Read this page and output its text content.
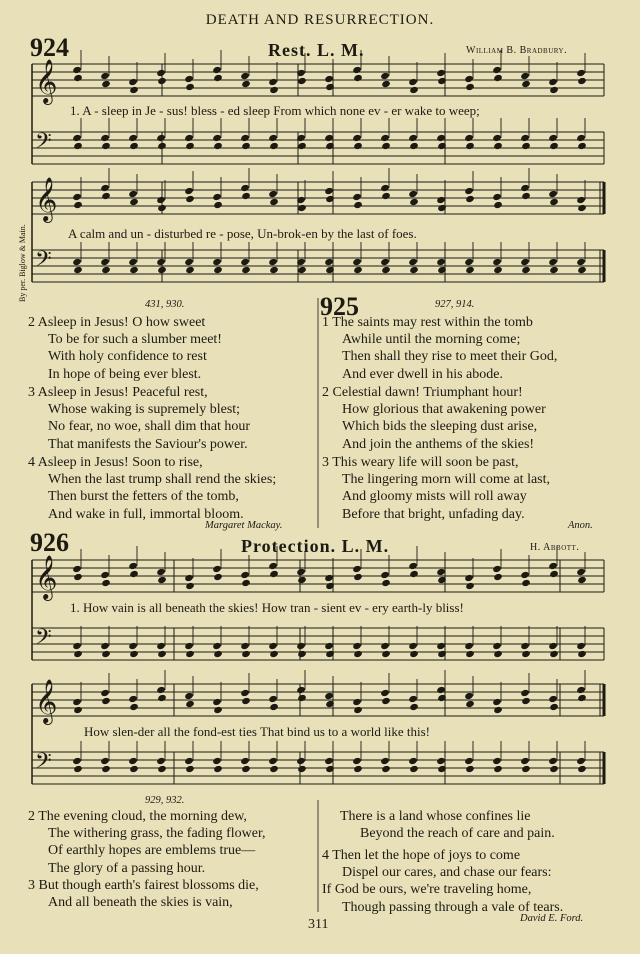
DEATH AND RESURRECTION.
𝄞
𝄢
𝄞
𝄢
𝄞
𝄢
𝄞
𝄢
By per. Biglow & Main.
924	Rest. L. M.	William B. Bradbury.
1. A - sleep in Je - sus! bless - ed sleep From which none ev - er wake to weep;
A calm and un - disturbed re - pose, Un-brok-en by the last of foes.
431, 930.
2 Asleep in Jesus! O how sweet
To be for such a slumber meet!
With holy confidence to rest
In hope of being ever blest.
3 Asleep in Jesus! Peaceful rest,
Whose waking is supremely blest;
No fear, no woe, shall dim that hour
That manifests the Saviour's power.
4 Asleep in Jesus! Soon to rise,
When the last trump shall rend the skies;
Then burst the fetters of the tomb,
And wake in full, immortal bloom.
Margaret Mackay.
925	927, 914.
1 The saints may rest within the tomb
Awhile until the morning come;
Then shall they rise to meet their God,
And ever dwell in his abode.
2 Celestial dawn! Triumphant hour!
How glorious that awakening power
Which bids the sleeping dust arise,
And join the anthems of the skies!
3 This weary life will soon be past,
The lingering morn will come at last,
And gloomy mists will roll away
Before that bright, unfading day.
Anon.
926	Protection. L. M.	H. Abbott.
1. How vain is all beneath the skies! How tran - sient ev - ery earth-ly bliss!
How slen-der all the fond-est ties That bind us to a world like this!
929, 932.
2 The evening cloud, the morning dew,
The withering grass, the fading flower,
Of earthly hopes are emblems true—
The glory of a passing hour.
3 But though earth's fairest blossoms die,
And all beneath the skies is vain,
There is a land whose confines lie
Beyond the reach of care and pain.
4 Then let the hope of joys to come
Dispel our cares, and chase our fears:
If God be ours, we're traveling home,
Though passing through a vale of tears.
David E. Ford.
311
